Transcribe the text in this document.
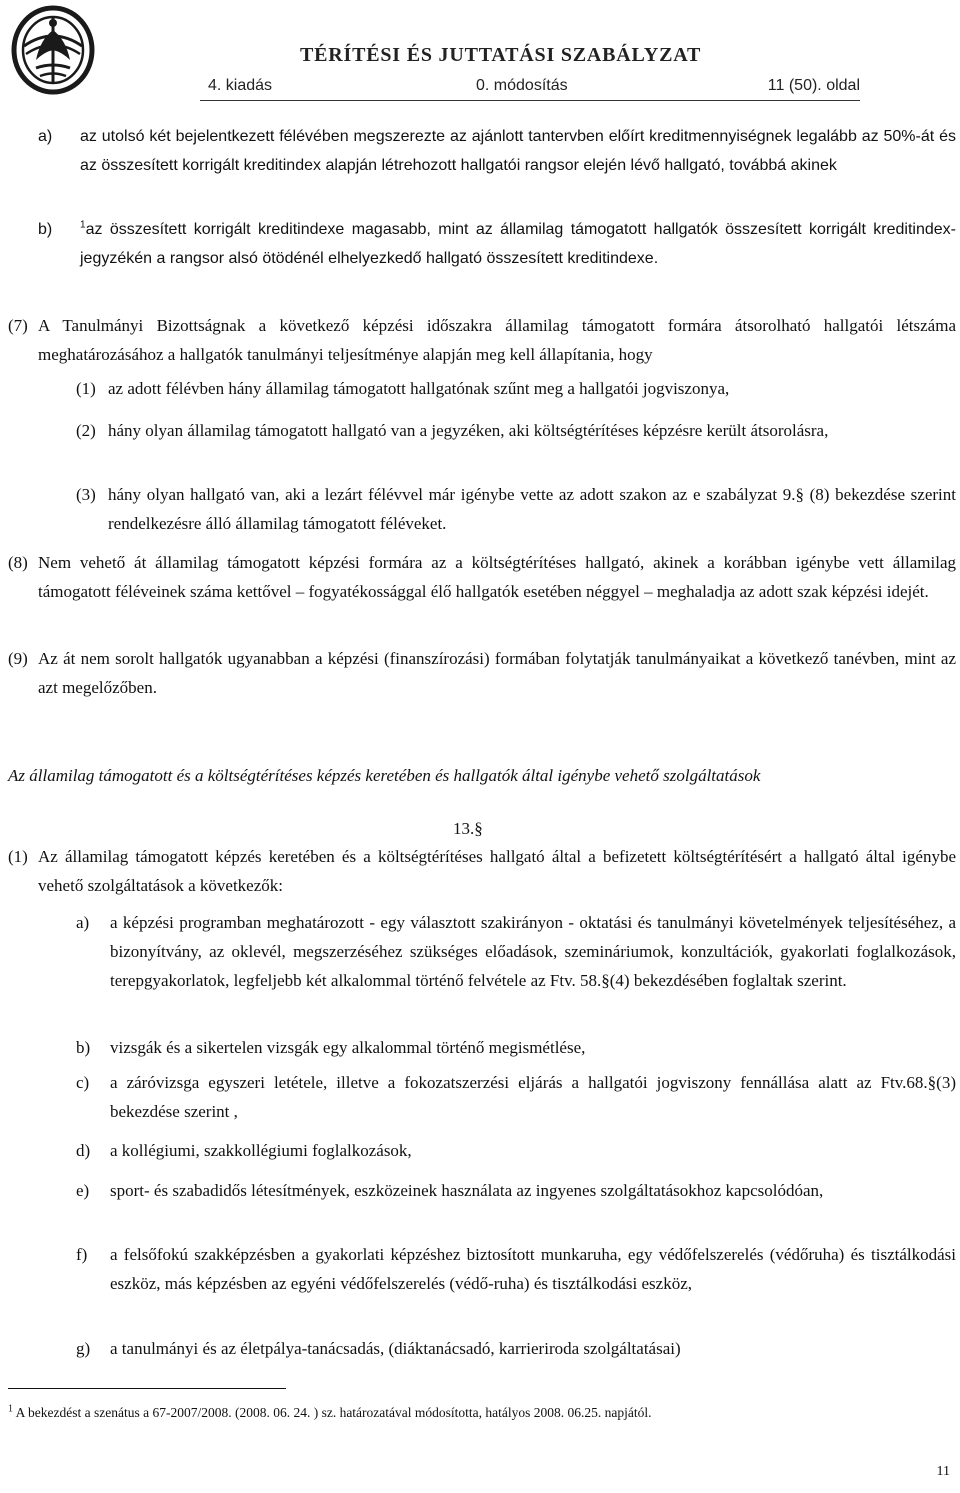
TÉRÍTÉSI ÉS JUTTATÁSI SZABÁLYZAT
4. kiadás	0. módosítás	11 (50). oldal
a) az utolsó két bejelentkezett félévében megszerezte az ajánlott tantervben előírt kreditmennyiségnek legalább az 50%-át és az összesített korrigált kreditindex alapján létrehozott hallgatói rangsor elején lévő hallgató, továbbá akinek
b)	$^1$az összesített korrigált kreditindexe magasabb, mint az államilag támogatott hallgatók összesített korrigált kreditindex-jegyzékén a rangsor alsó ötödénél elhelyezkedő hallgató összesített kreditindexe.
(7) A Tanulmányi Bizottságnak a következő képzési időszakra államilag támogatott formára átsorolható hallgatói létszáma meghatározásához a hallgatók tanulmányi teljesítménye alapján meg kell állapítania, hogy
(1) az adott félévben hány államilag támogatott hallgatónak szűnt meg a hallgatói jogviszonya,
(2) hány olyan államilag támogatott hallgató van a jegyzéken, aki költségtérítéses képzésre került átsorolásra,
(3) hány olyan hallgató van, aki a lezárt félévvel már igénybe vette az adott szakon az e szabályzat 9.§ (8) bekezdése szerint rendelkezésre álló államilag támogatott féléveket.
(8) Nem vehető át államilag támogatott képzési formára az a költségtérítéses hallgató, akinek a korábban igénybe vett államilag támogatott féléveinek száma kettővel – fogyatékossággal élő hallgatók esetében néggyel – meghaladja az adott szak képzési idejét.
(9) Az át nem sorolt hallgatók ugyanabban a képzési (finanszírozási) formában folytatják tanulmányaikat a következő tanévben, mint az azt megelőzőben.
Az államilag támogatott és a költségtérítéses képzés keretében és hallgatók által igénybe vehető szolgáltatások
13.§
(1) Az államilag támogatott képzés keretében és a költségtérítéses hallgató által a befizetett költségtérítésért a hallgató által igénybe vehető szolgáltatások a következők:
a) a képzési programban meghatározott - egy választott szakirányon - oktatási és tanulmányi követelmények teljesítéséhez, a bizonyítvány, az oklevél, megszerzéséhez szükséges előadások, szemináriumok, konzultációk, gyakorlati foglalkozások, terepgyakorlatok, legfeljebb két alkalommal történő felvétele az Ftv. 58.§(4) bekezdésében foglaltak szerint.
b) vizsgák és a sikertelen vizsgák egy alkalommal történő megismétlése,
c) a záróvizsga egyszeri letétele, illetve a fokozatszerzési eljárás a hallgatói jogviszony fennállása alatt az Ftv.68.§(3) bekezdése szerint ,
d) a kollégiumi, szakkollégiumi foglalkozások,
e) sport- és szabadidős létesítmények, eszközeinek használata az ingyenes szolgáltatásokhoz kapcsolódóan,
f) a felsőfokú szakképzésben a gyakorlati képzéshez biztosított munkaruha, egy védőfelszerelés (védőruha) és tisztálkodási eszköz, más képzésben az egyéni védőfelszerelés (védő-ruha) és tisztálkodási eszköz,
g) a tanulmányi és az életpálya-tanácsadás, (diáktanácsadó, karrieriroda szolgáltatásai)
$^1$ A bekezdést a szenátus a 67-2007/2008. (2008. 06. 24. ) sz. határozatával módosította, hatályos 2008. 06.25. napjától.
11
